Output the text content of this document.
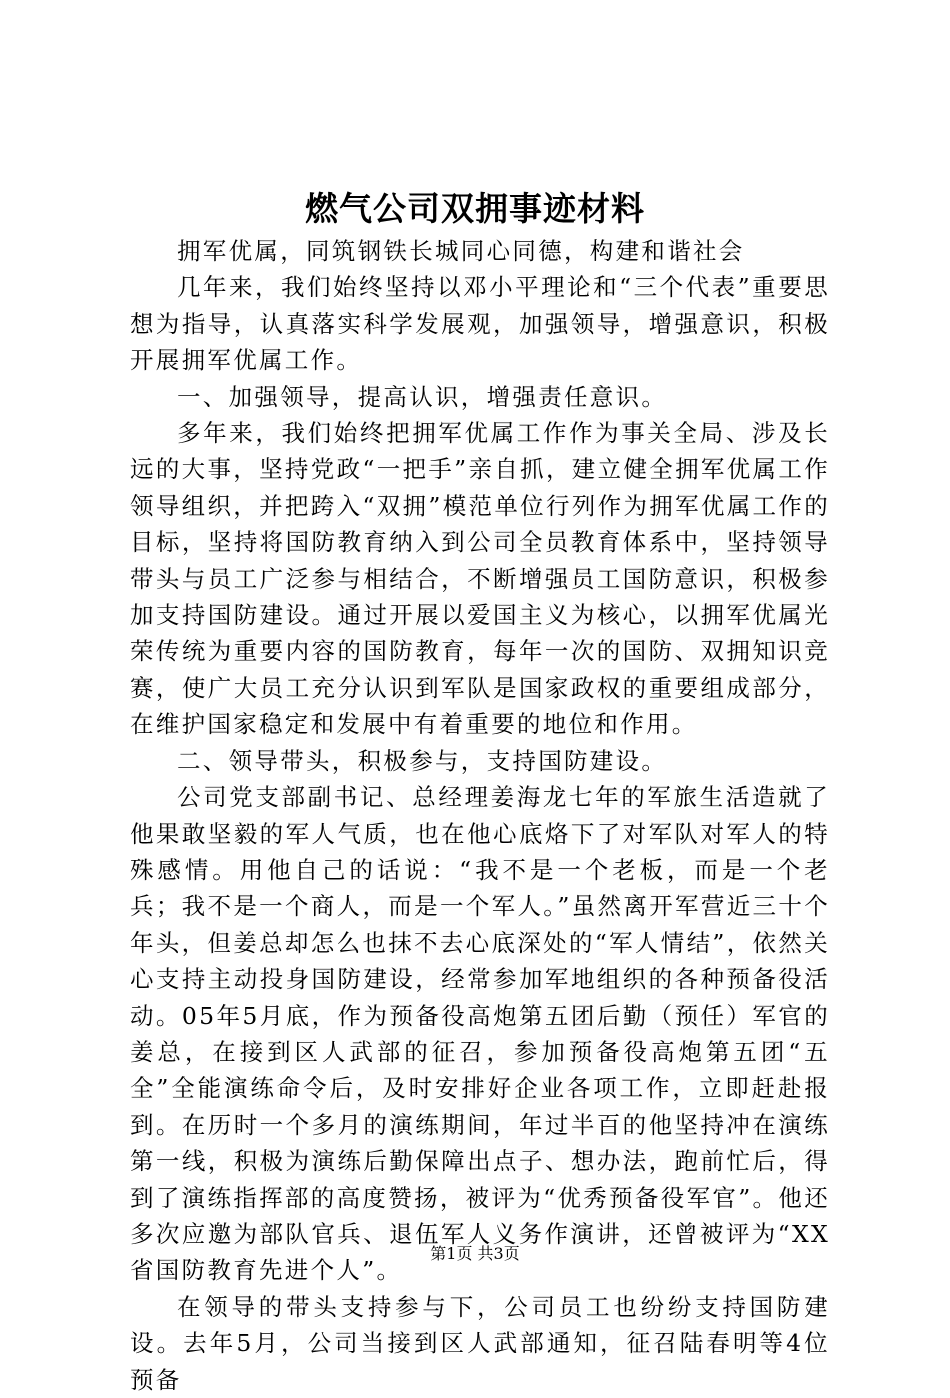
燃气公司双拥事迹材料

拥军优属，同筑钢铁长城同心同德，构建和谐社会

几年来，我们始终坚持以邓小平理论和“三个代表”重要思想为指导，认真落实科学发展观，加强领导，增强意识，积极开展拥军优属工作。

一、加强领导，提高认识，增强责任意识。

多年来，我们始终把拥军优属工作作为事关全局、涉及长远的大事，坚持党政“一把手”亲自抓，建立健全拥军优属工作领导组织，并把跨入“双拥”模范单位行列作为拥军优属工作的目标，坚持将国防教育纳入到公司全员教育体系中，坚持领导带头与员工广泛参与相结合，不断增强员工国防意识，积极参加支持国防建设。通过开展以爱国主义为核心，以拥军优属光荣传统为重要内容的国防教育，每年一次的国防、双拥知识竞赛，使广大员工充分认识到军队是国家政权的重要组成部分，在维护国家稳定和发展中有着重要的地位和作用。

二、领导带头，积极参与，支持国防建设。

公司党支部副书记、总经理姜海龙七年的军旅生活造就了他果敢坚毅的军人气质，也在他心底烙下了对军队对军人的特殊感情。用他自己的话说：“我不是一个老板，而是一个老兵；我不是一个商人，而是一个军人。”虽然离开军营近三十个年头，但姜总却怎么也抹不去心底深处的“军人情结”，依然关心支持主动投身国防建设，经常参加军地组织的各种预备役活动。05年5月底，作为预备役高炮第五团后勤（预任）军官的姜总，在接到区人武部的征召，参加预备役高炮第五团“五全”全能演练命令后，及时安排好企业各项工作，立即赶赴报到。在历时一个多月的演练期间，年过半百的他坚持冲在演练第一线，积极为演练后勤保障出点子、想办法，跑前忙后，得到了演练指挥部的高度赞扬，被评为“优秀预备役军官”。他还多次应邀为部队官兵、退伍军人义务作演讲，还曾被评为“XX省国防教育先进个人”。

在领导的带头支持参与下，公司员工也纷纷支持国防建设。去年5月，公司当接到区人武部通知，征召陆春明等4位预备

第1页 共3页
